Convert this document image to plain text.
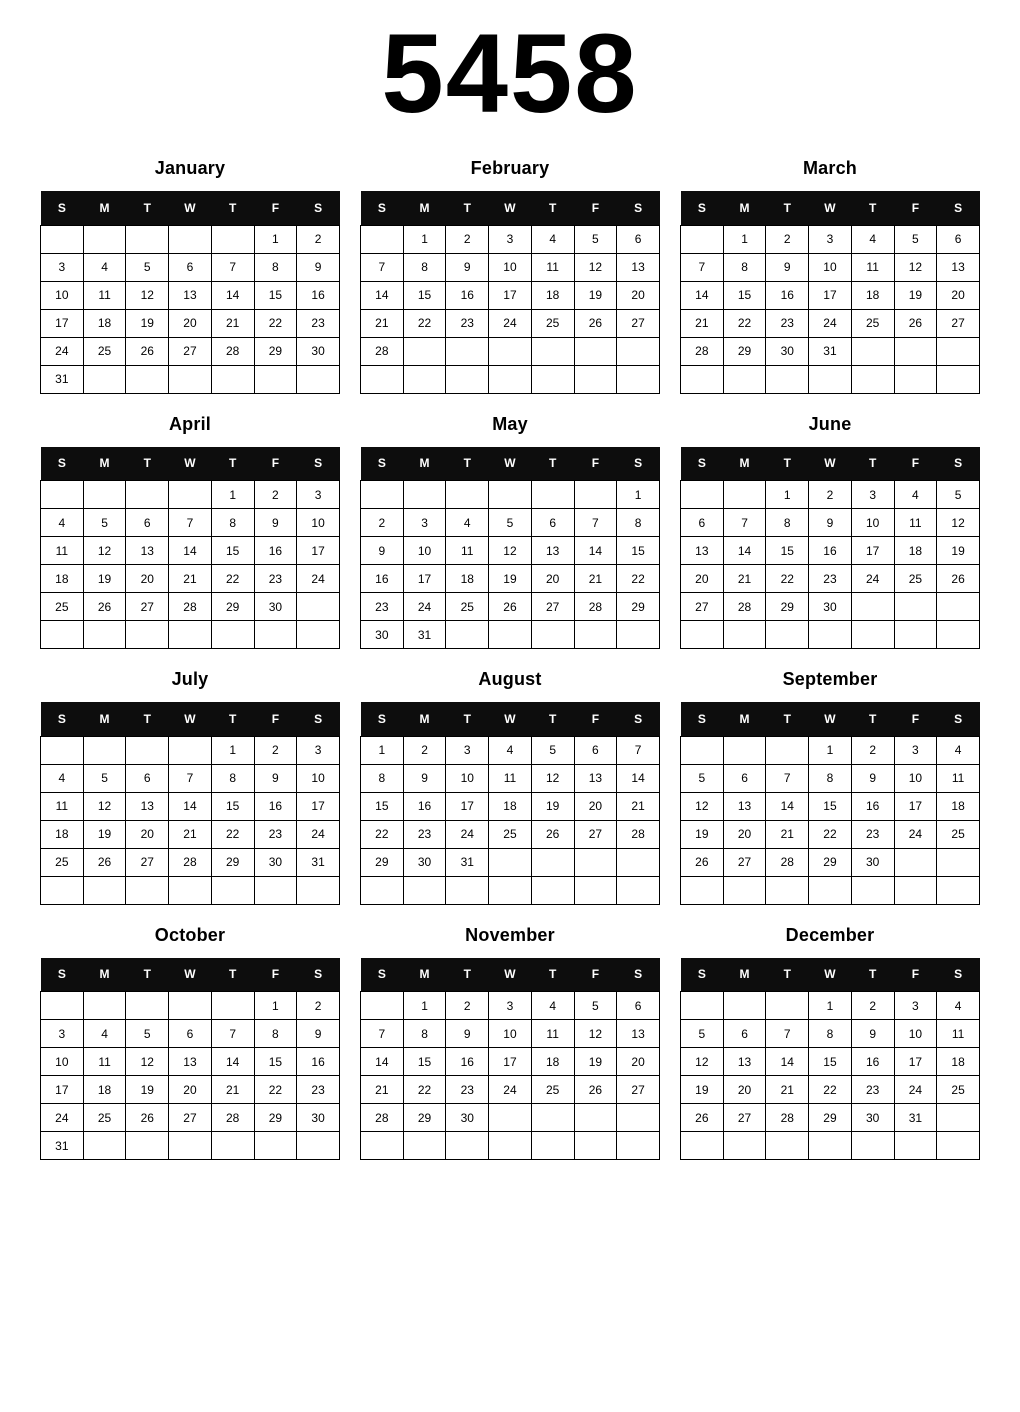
5458
January
S	M	T	W	T	F	S
					1	2
3	4	5	6	7	8	9
10	11	12	13	14	15	16
17	18	19	20	21	22	23
24	25	26	27	28	29	30
31						
February
S	M	T	W	T	F	S
	1	2	3	4	5	6
7	8	9	10	11	12	13
14	15	16	17	18	19	20
21	22	23	24	25	26	27
28						

March
S	M	T	W	T	F	S
	1	2	3	4	5	6
7	8	9	10	11	12	13
14	15	16	17	18	19	20
21	22	23	24	25	26	27
28	29	30	31			

April
S	M	T	W	T	F	S
				1	2	3
4	5	6	7	8	9	10
11	12	13	14	15	16	17
18	19	20	21	22	23	24
25	26	27	28	29	30	

May
S	M	T	W	T	F	S
						1
2	3	4	5	6	7	8
9	10	11	12	13	14	15
16	17	18	19	20	21	22
23	24	25	26	27	28	29
30	31					
June
S	M	T	W	T	F	S
		1	2	3	4	5
6	7	8	9	10	11	12
13	14	15	16	17	18	19
20	21	22	23	24	25	26
27	28	29	30			

July
S	M	T	W	T	F	S
				1	2	3
4	5	6	7	8	9	10
11	12	13	14	15	16	17
18	19	20	21	22	23	24
25	26	27	28	29	30	31

August
S	M	T	W	T	F	S
1	2	3	4	5	6	7
8	9	10	11	12	13	14
15	16	17	18	19	20	21
22	23	24	25	26	27	28
29	30	31				

September
S	M	T	W	T	F	S
			1	2	3	4
5	6	7	8	9	10	11
12	13	14	15	16	17	18
19	20	21	22	23	24	25
26	27	28	29	30		

October
S	M	T	W	T	F	S
					1	2
3	4	5	6	7	8	9
10	11	12	13	14	15	16
17	18	19	20	21	22	23
24	25	26	27	28	29	30
31						
November
S	M	T	W	T	F	S
	1	2	3	4	5	6
7	8	9	10	11	12	13
14	15	16	17	18	19	20
21	22	23	24	25	26	27
28	29	30				

December
S	M	T	W	T	F	S
			1	2	3	4
5	6	7	8	9	10	11
12	13	14	15	16	17	18
19	20	21	22	23	24	25
26	27	28	29	30	31	
